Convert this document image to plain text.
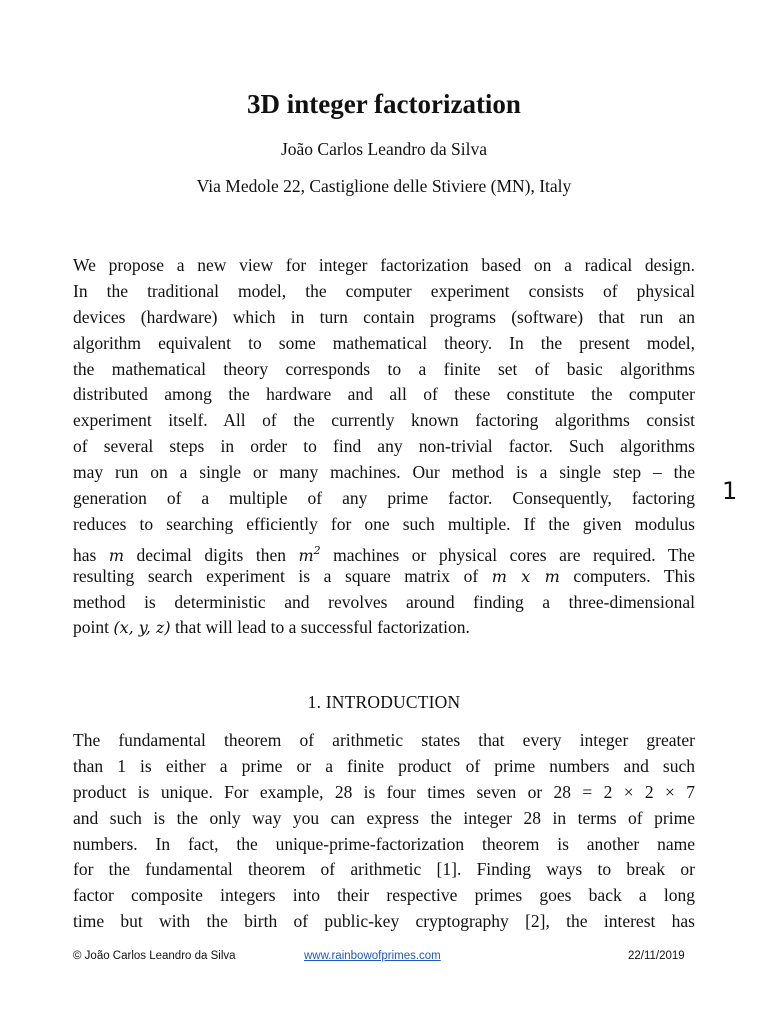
3D integer factorization
João Carlos Leandro da Silva
Via Medole 22, Castiglione delle Stiviere (MN), Italy
We propose a new view for integer factorization based on a radical design.
In the traditional model, the computer experiment consists of physical
devices (hardware) which in turn contain programs (software) that run an
algorithm equivalent to some mathematical theory. In the present model,
the mathematical theory corresponds to a finite set of basic algorithms
distributed among the hardware and all of these constitute the computer
experiment itself. All of the currently known factoring algorithms consist
of several steps in order to find any non-trivial factor. Such algorithms
may run on a single or many machines. Our method is a single step – the
generation of a multiple of any prime factor. Consequently, factoring
reduces to searching efficiently for one such multiple. If the given modulus
has m decimal digits then $m^2$ machines or physical cores are required. The
resulting search experiment is a square matrix of m x m computers. This
method is deterministic and revolves around finding a three-dimensional
point (x, y, z) that will lead to a successful factorization.
1
1. INTRODUCTION
The fundamental theorem of arithmetic states that every integer greater
than 1 is either a prime or a finite product of prime numbers and such
product is unique. For example, 28 is four times seven or 28 = 2 × 2 × 7
and such is the only way you can express the integer 28 in terms of prime
numbers. In fact, the unique-prime-factorization theorem is another name
for the fundamental theorem of arithmetic [1]. Finding ways to break or
factor composite integers into their respective primes goes back a long
time but with the birth of public-key cryptography [2], the interest has
© João Carlos Leandro da Silva	www.rainbowofprimes.com	22/11/2019
